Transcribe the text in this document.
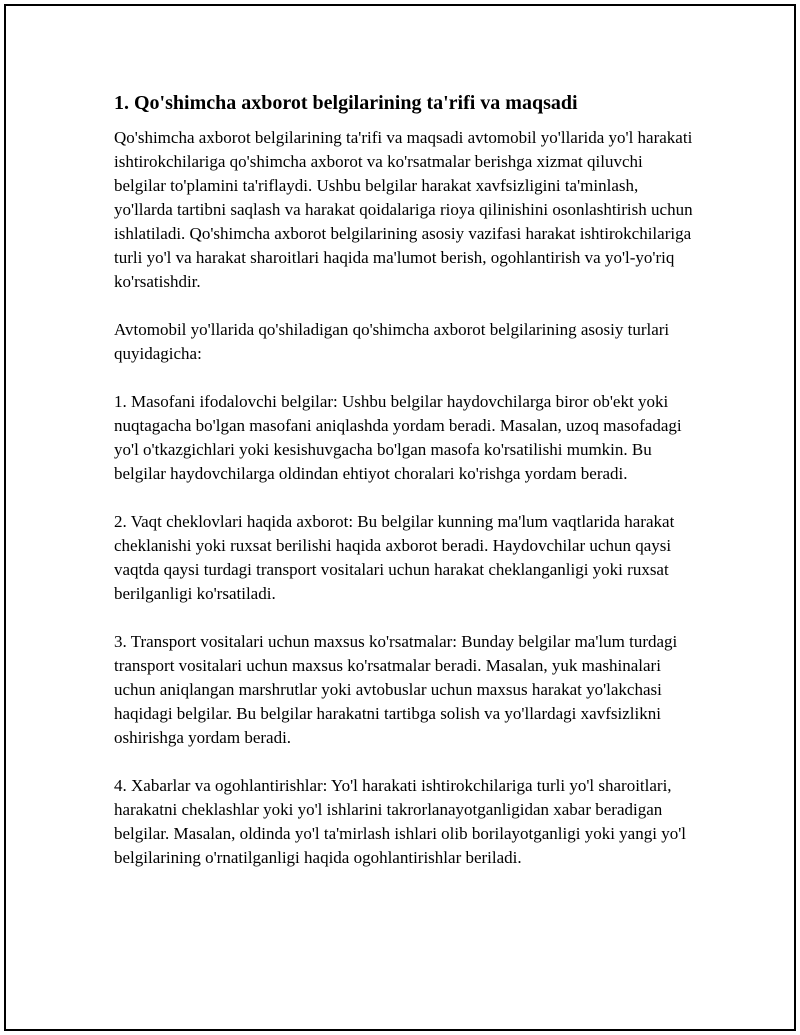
1. Qo'shimcha axborot belgilarining ta'rifi va maqsadi

Qo'shimcha axborot belgilarining ta'rifi va maqsadi avtomobil yo'llarida yo'l harakati ishtirokchilariga qo'shimcha axborot va ko'rsatmalar berishga xizmat qiluvchi belgilar to'plamini ta'riflaydi. Ushbu belgilar harakat xavfsizligini ta'minlash, yo'llarda tartibni saqlash va harakat qoidalariga rioya qilinishini osonlashtirish uchun ishlatiladi. Qo'shimcha axborot belgilarining asosiy vazifasi harakat ishtirokchilariga turli yo'l va harakat sharoitlari haqida ma'lumot berish, ogohlantirish va yo'l-yo'riq ko'rsatishdir.

Avtomobil yo'llarida qo'shiladigan qo'shimcha axborot belgilarining asosiy turlari quyidagicha:

1. Masofani ifodalovchi belgilar: Ushbu belgilar haydovchilarga biror ob'ekt yoki nuqtagacha bo'lgan masofani aniqlashda yordam beradi. Masalan, uzoq masofadagi yo'l o'tkazgichlari yoki kesishuvgacha bo'lgan masofa ko'rsatilishi mumkin. Bu belgilar haydovchilarga oldindan ehtiyot choralari ko'rishga yordam beradi.

2. Vaqt cheklovlari haqida axborot: Bu belgilar kunning ma'lum vaqtlarida harakat cheklanishi yoki ruxsat berilishi haqida axborot beradi. Haydovchilar uchun qaysi vaqtda qaysi turdagi transport vositalari uchun harakat cheklanganligi yoki ruxsat berilganligi ko'rsatiladi.

3. Transport vositalari uchun maxsus ko'rsatmalar: Bunday belgilar ma'lum turdagi transport vositalari uchun maxsus ko'rsatmalar beradi. Masalan, yuk mashinalari uchun aniqlangan marshrutlar yoki avtobuslar uchun maxsus harakat yo'lakchasi haqidagi belgilar. Bu belgilar harakatni tartibga solish va yo'llardagi xavfsizlikni oshirishga yordam beradi.

4. Xabarlar va ogohlantirishlar: Yo'l harakati ishtirokchilariga turli yo'l sharoitlari, harakatni cheklashlar yoki yo'l ishlarini takrorlanayotganligidan xabar beradigan belgilar. Masalan, oldinda yo'l ta'mirlash ishlari olib borilayotganligi yoki yangi yo'l belgilarining o'rnatilganligi haqida ogohlantirishlar beriladi.
